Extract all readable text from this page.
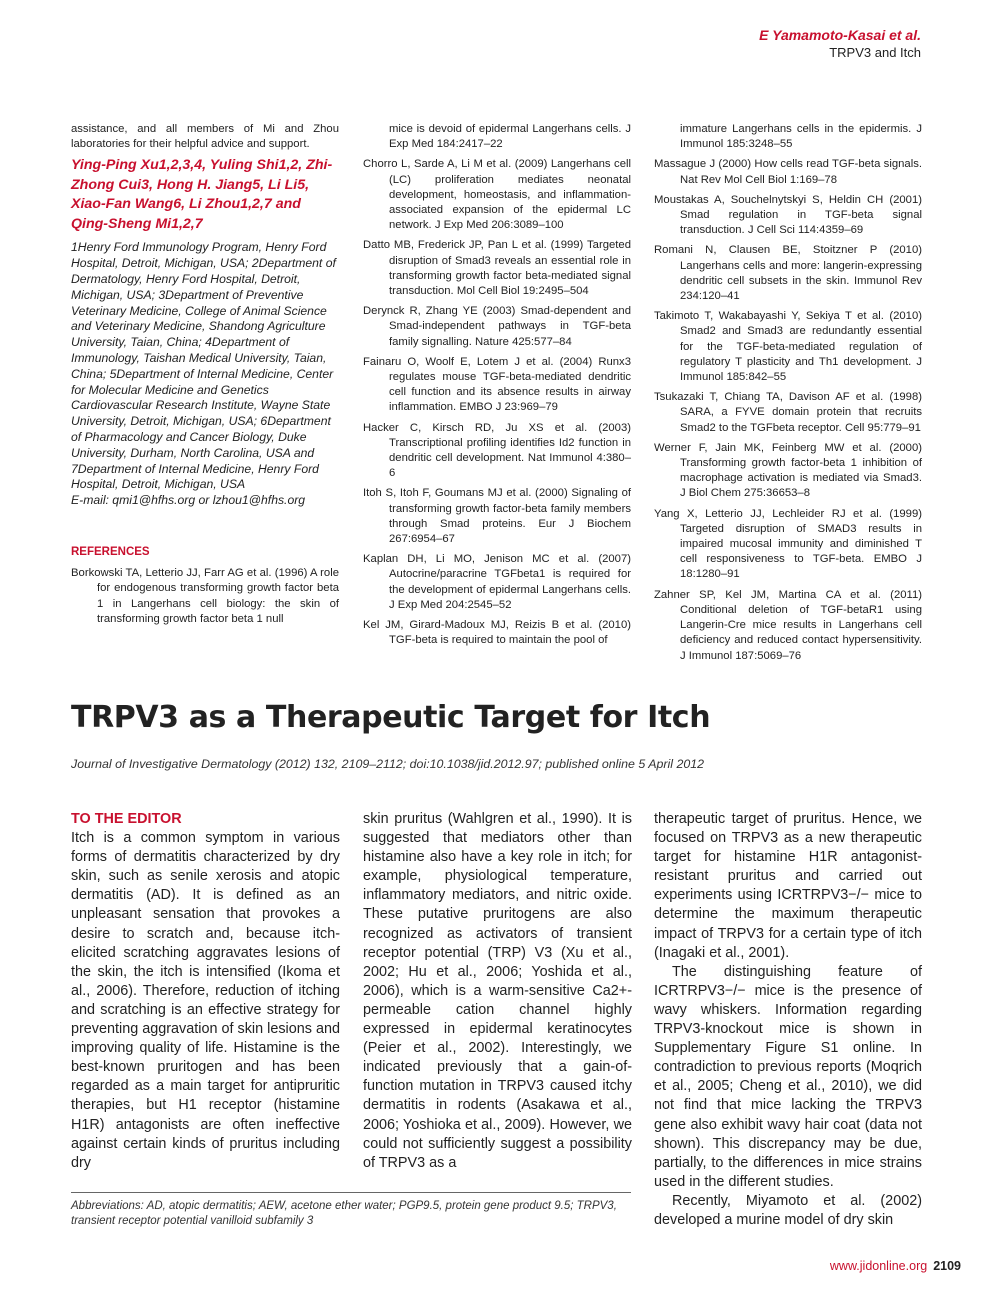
E Yamamoto-Kasai et al.
TRPV3 and Itch

assistance, and all members of Mi and Zhou laboratories for their helpful advice and support.

Ying-Ping Xu1,2,3,4, Yuling Shi1,2, Zhi-Zhong Cui3, Hong H. Jiang5, Li Li5, Xiao-Fan Wang6, Li Zhou1,2,7 and Qing-Sheng Mi1,2,7

1Henry Ford Immunology Program, Henry Ford Hospital, Detroit, Michigan, USA; 2Department of Dermatology, Henry Ford Hospital, Detroit, Michigan, USA; 3Department of Preventive Veterinary Medicine, College of Animal Science and Veterinary Medicine, Shandong Agriculture University, Taian, China; 4Department of Immunology, Taishan Medical University, Taian, China; 5Department of Internal Medicine, Center for Molecular Medicine and Genetics Cardiovascular Research Institute, Wayne State University, Detroit, Michigan, USA; 6Department of Pharmacology and Cancer Biology, Duke University, Durham, North Carolina, USA and 7Department of Internal Medicine, Henry Ford Hospital, Detroit, Michigan, USA

E-mail: qmi1@hfhs.org or lzhou1@hfhs.org

REFERENCES

Borkowski TA, Letterio JJ, Farr AG et al. (1996) A role for endogenous transforming growth factor beta 1 in Langerhans cell biology: the skin of transforming growth factor beta 1 null

mice is devoid of epidermal Langerhans cells. J Exp Med 184:2417–22

Chorro L, Sarde A, Li M et al. (2009) Langerhans cell (LC) proliferation mediates neonatal development, homeostasis, and inflammation-associated expansion of the epidermal LC network. J Exp Med 206:3089–100

Datto MB, Frederick JP, Pan L et al. (1999) Targeted disruption of Smad3 reveals an essential role in transforming growth factor beta-mediated signal transduction. Mol Cell Biol 19:2495–504

Derynck R, Zhang YE (2003) Smad-dependent and Smad-independent pathways in TGF-beta family signalling. Nature 425:577–84

Fainaru O, Woolf E, Lotem J et al. (2004) Runx3 regulates mouse TGF-beta-mediated dendritic cell function and its absence results in airway inflammation. EMBO J 23:969–79

Hacker C, Kirsch RD, Ju XS et al. (2003) Transcriptional profiling identifies Id2 function in dendritic cell development. Nat Immunol 4:380–6

Itoh S, Itoh F, Goumans MJ et al. (2000) Signaling of transforming growth factor-beta family members through Smad proteins. Eur J Biochem 267:6954–67

Kaplan DH, Li MO, Jenison MC et al. (2007) Autocrine/paracrine TGFbeta1 is required for the development of epidermal Langerhans cells. J Exp Med 204:2545–52

Kel JM, Girard-Madoux MJ, Reizis B et al. (2010) TGF-beta is required to maintain the pool of

immature Langerhans cells in the epidermis. J Immunol 185:3248–55

Massague J (2000) How cells read TGF-beta signals. Nat Rev Mol Cell Biol 1:169–78

Moustakas A, Souchelnytskyi S, Heldin CH (2001) Smad regulation in TGF-beta signal transduction. J Cell Sci 114:4359–69

Romani N, Clausen BE, Stoitzner P (2010) Langerhans cells and more: langerin-expressing dendritic cell subsets in the skin. Immunol Rev 234:120–41

Takimoto T, Wakabayashi Y, Sekiya T et al. (2010) Smad2 and Smad3 are redundantly essential for the TGF-beta-mediated regulation of regulatory T plasticity and Th1 development. J Immunol 185:842–55

Tsukazaki T, Chiang TA, Davison AF et al. (1998) SARA, a FYVE domain protein that recruits Smad2 to the TGFbeta receptor. Cell 95:779–91

Werner F, Jain MK, Feinberg MW et al. (2000) Transforming growth factor-beta 1 inhibition of macrophage activation is mediated via Smad3. J Biol Chem 275:36653–8

Yang X, Letterio JJ, Lechleider RJ et al. (1999) Targeted disruption of SMAD3 results in impaired mucosal immunity and diminished T cell responsiveness to TGF-beta. EMBO J 18:1280–91

Zahner SP, Kel JM, Martina CA et al. (2011) Conditional deletion of TGF-betaR1 using Langerin-Cre mice results in Langerhans cell deficiency and reduced contact hypersensitivity. J Immunol 187:5069–76

TRPV3 as a Therapeutic Target for Itch
Journal of Investigative Dermatology (2012) 132, 2109–2112; doi:10.1038/jid.2012.97; published online 5 April 2012
TO THE EDITOR

Itch is a common symptom in various forms of dermatitis characterized by dry skin, such as senile xerosis and atopic dermatitis (AD). It is defined as an unpleasant sensation that provokes a desire to scratch and, because itch-elicited scratching aggravates lesions of the skin, the itch is intensified (Ikoma et al., 2006). Therefore, reduction of itching and scratching is an effective strategy for preventing aggravation of skin lesions and improving quality of life. Histamine is the best-known pruritogen and has been regarded as a main target for antipruritic therapies, but H1 receptor (histamine H1R) antagonists are often ineffective against certain kinds of pruritus including dry

skin pruritus (Wahlgren et al., 1990). It is suggested that mediators other than histamine also have a key role in itch; for example, physiological temperature, inflammatory mediators, and nitric oxide. These putative pruritogens are also recognized as activators of transient receptor potential (TRP) V3 (Xu et al., 2002; Hu et al., 2006; Yoshida et al., 2006), which is a warm-sensitive Ca2+-permeable cation channel highly expressed in epidermal keratinocytes (Peier et al., 2002). Interestingly, we indicated previously that a gain-of-function mutation in TRPV3 caused itchy dermatitis in rodents (Asakawa et al., 2006; Yoshioka et al., 2009). However, we could not sufficiently suggest a possibility of TRPV3 as a

therapeutic target of pruritus. Hence, we focused on TRPV3 as a new therapeutic target for histamine H1R antagonist-resistant pruritus and carried out experiments using ICRTRPV3−/− mice to determine the maximum therapeutic impact of TRPV3 for a certain type of itch (Inagaki et al., 2001).

The distinguishing feature of ICRTRPV3−/− mice is the presence of wavy whiskers. Information regarding TRPV3-knockout mice is shown in Supplementary Figure S1 online. In contradiction to previous reports (Moqrich et al., 2005; Cheng et al., 2010), we did not find that mice lacking the TRPV3 gene also exhibit wavy hair coat (data not shown). This discrepancy may be due, partially, to the differences in mice strains used in the different studies.

Recently, Miyamoto et al. (2002) developed a murine model of dry skin

Abbreviations: AD, atopic dermatitis; AEW, acetone ether water; PGP9.5, protein gene product 9.5; TRPV3, transient receptor potential vanilloid subfamily 3

www.jidonline.org 2109
